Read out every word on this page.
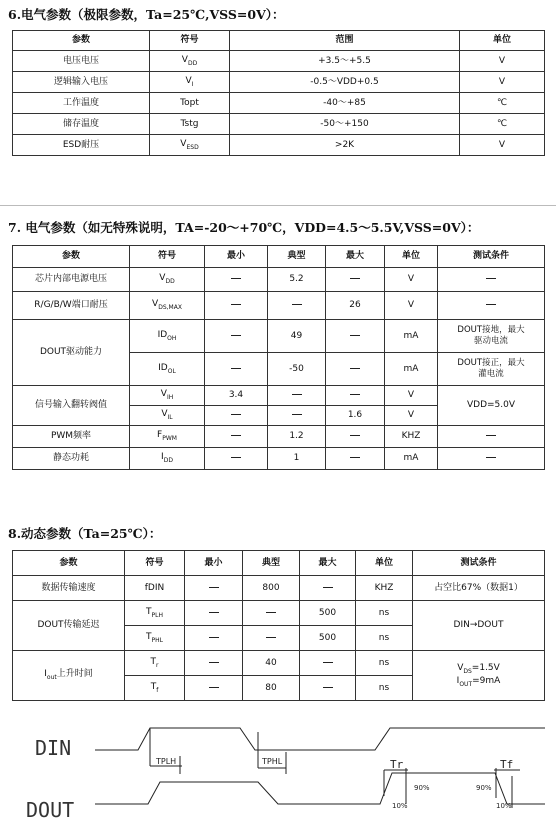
6.电气参数（极限参数，Ta=25℃,VSS=0V）：
参数	符号	范围	单位
电压电压	$V_{DD}$	+3.5～+5.5	V
逻辑输入电压	$V_I$	-0.5～VDD+0.5	V
工作温度	Topt	-40～+85	℃
储存温度	Tstg	-50～+150	℃
ESD耐压	$V_{ESD}$	>2K	V
7. 电气参数（如无特殊说明，TA=-20～+70℃，VDD=4.5～5.5V,VSS=0V）：
参数	符号	最小	典型	最大	单位	测试条件
芯片内部电源电压	$V_{DD}$		5.2		V	
R/G/B/W端口耐压	$V_{DS,MAX}$			26	V	
DOUT驱动能力	$ID_{OH}$		49		mA	DOUT接地，最大
驱动电流
	$ID_{OL}$		-50		mA	DOUT接正，最大
灌电流
信号输入翻转阀值	$V_{IH}$	3.4			V	VDD=5.0V
	$V_{IL}$			1.6	V	
PWM频率	$F_{PWM}$		1.2		KHZ	
静态功耗	$I_{DD}$		1		mA	
8.动态参数（Ta=25℃）：
参数	符号	最小	典型	最大	单位	测试条件
数据传输速度	fDIN		800		KHZ	占空比67%（数据1）
DOUT传输延迟	$T_{PLH}$			500	ns	DIN→DOUT
	$T_{PHL}$			500	ns	
$I_{out}$上升时间	$T_r$		40		ns	$V_{DS}=1.5V$
$I_{OUT}=9mA$
	$T_f$		80		ns	
DIN
DOUT
TPLH	TPHL	Tr	Tf
90%
10%
90%
10%
